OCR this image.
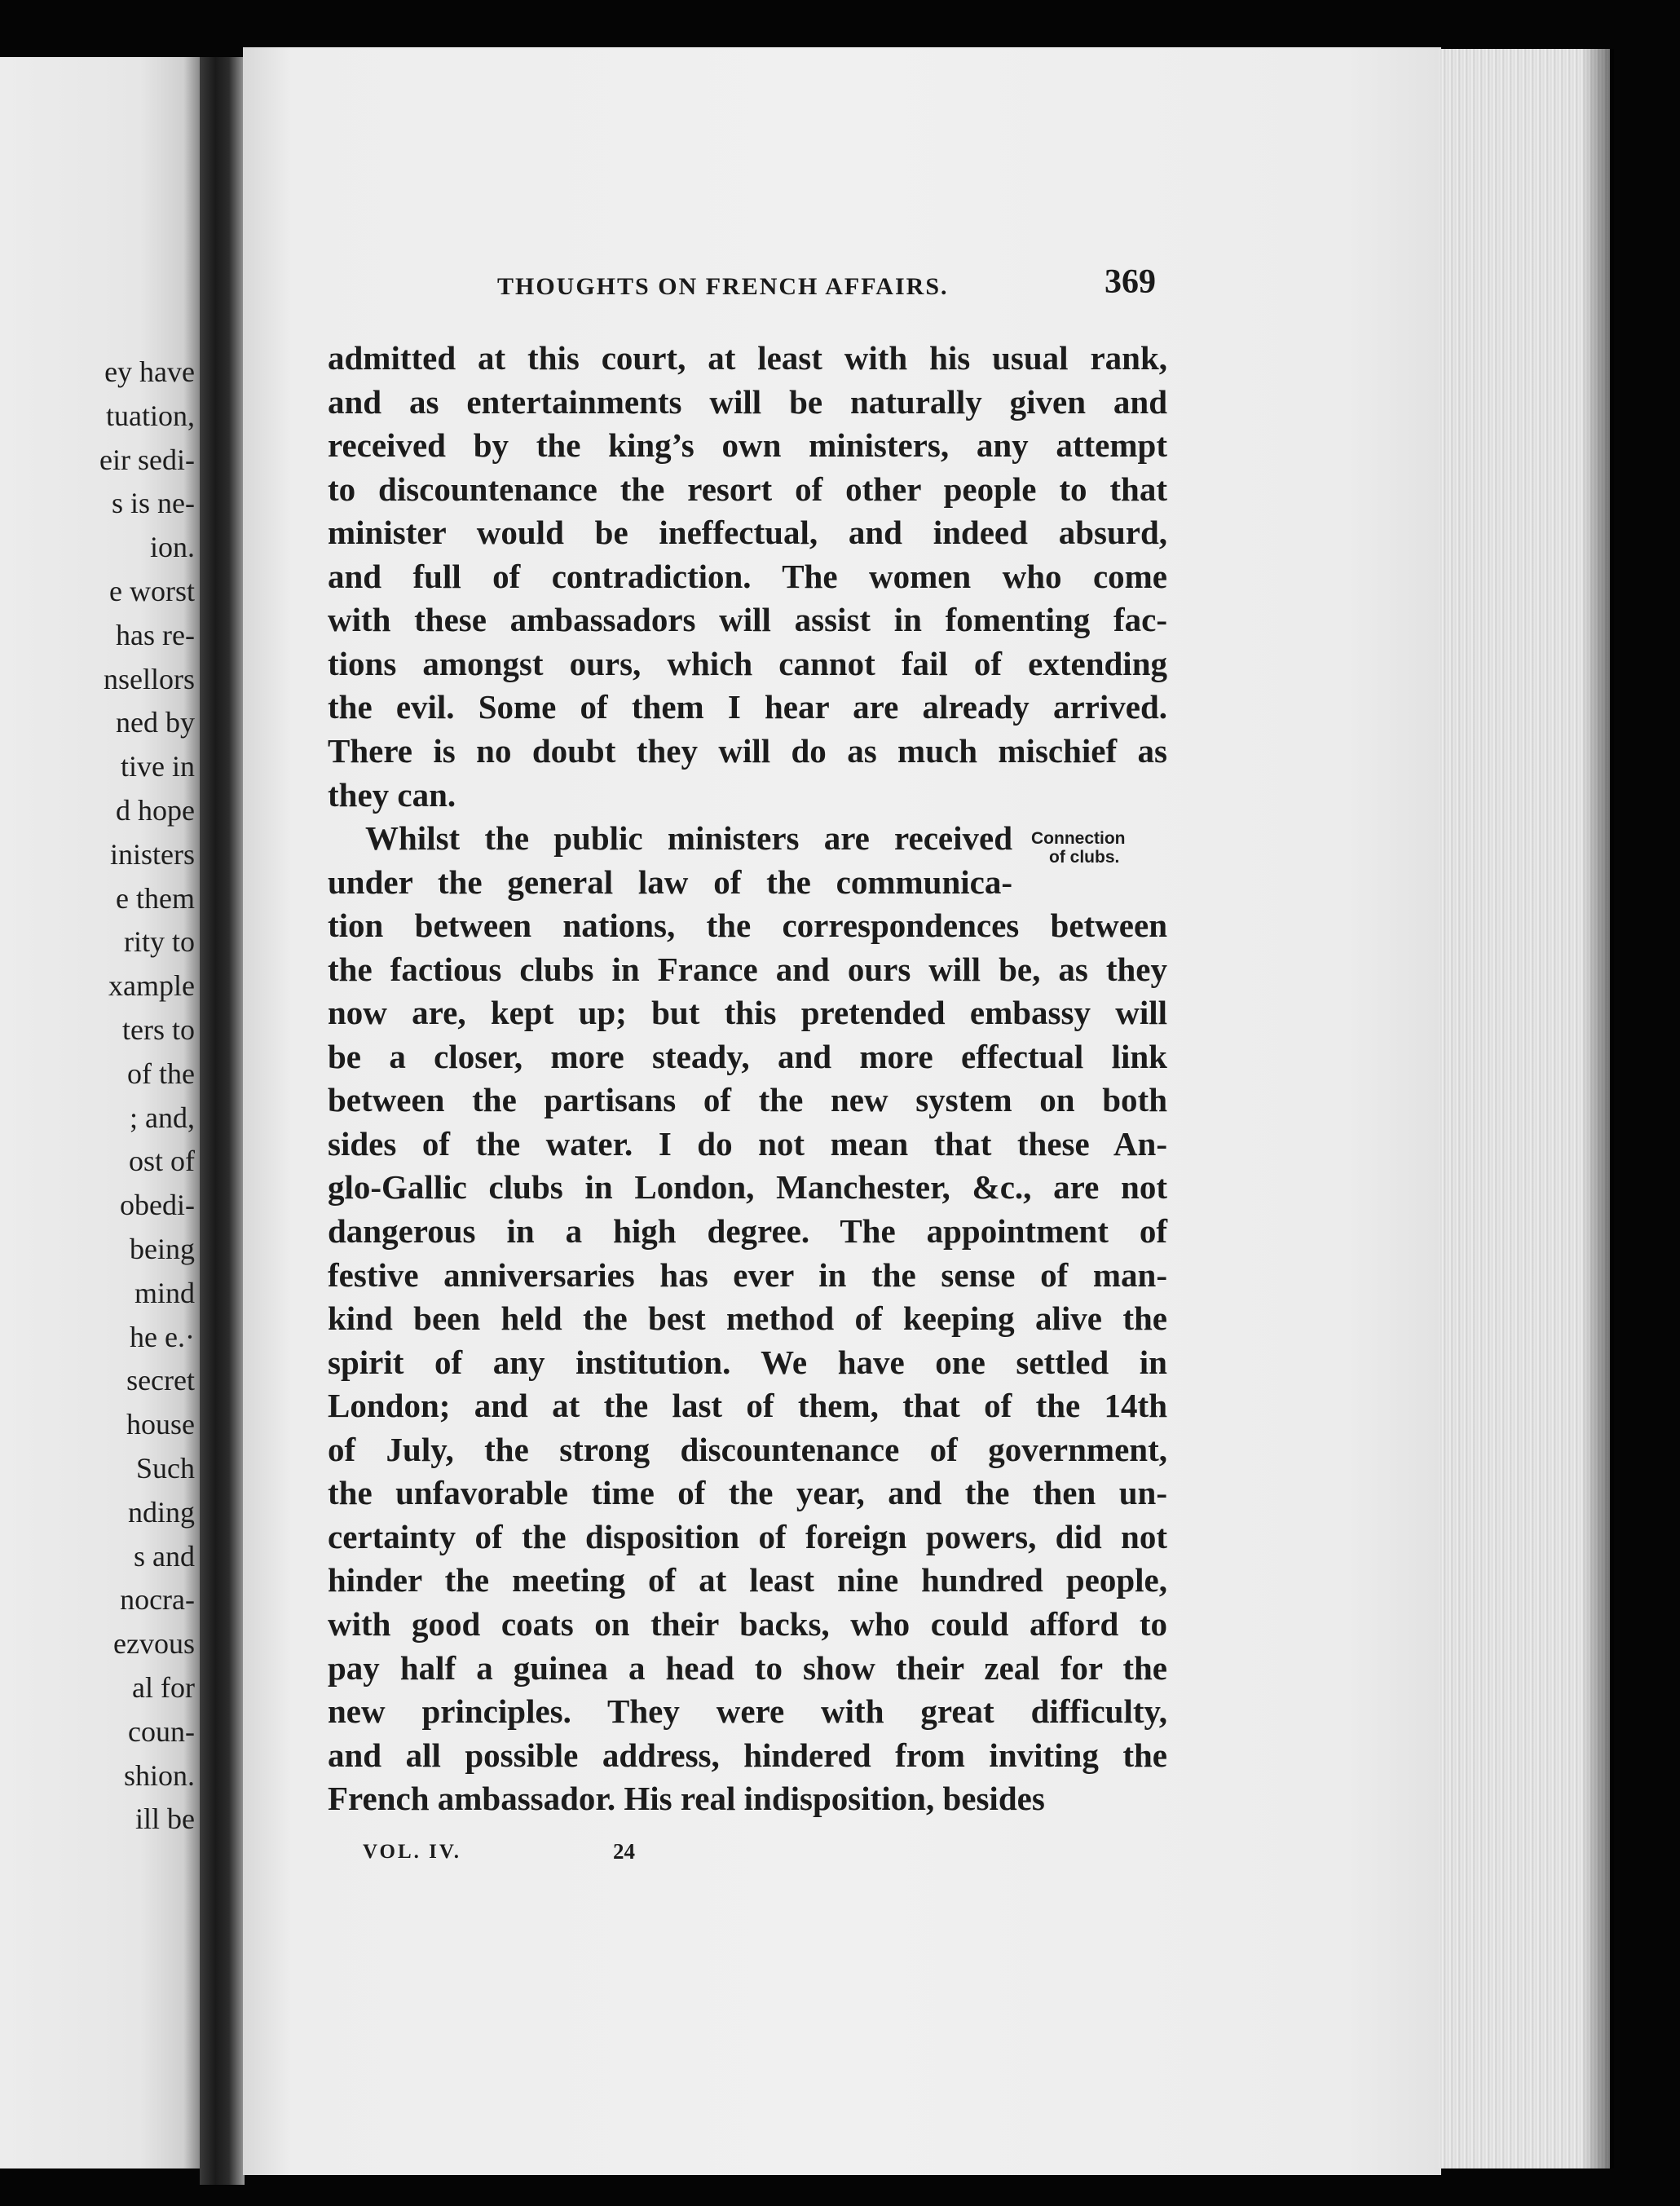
ey have
tuation,
eir sedi-
s is ne-
ion.
e worst
has re-
nsellors
ned by
tive in
d hope
inisters
e them
rity to
xample
ters to
of the
; and,
ost of
obedi-
being
mind
he e.·
secret
house
Such
nding
s and
nocra-
ezvous
al for
coun-
shion.
ill be
THOUGHTS ON FRENCH AFFAIRS.	369
admitted at this court, at least with his usual rank,
and as entertainments will be naturally given and
received by the king’s own ministers, any attempt
to discountenance the resort of other people to that
minister would be ineffectual, and indeed absurd,
and full of contradiction. The women who come
with these ambassadors will assist in fomenting fac-
tions amongst ours, which cannot fail of extending
the evil. Some of them I hear are already arrived.
There is no doubt they will do as much mischief as
they can.
Whilst the public ministers are received
under the general law of the communica-
tion between nations, the correspondences between
the factious clubs in France and ours will be, as they
now are, kept up; but this pretended embassy will
be a closer, more steady, and more effectual link
between the partisans of the new system on both
sides of the water. I do not mean that these An-
glo-Gallic clubs in London, Manchester, &c., are not
dangerous in a high degree. The appointment of
festive anniversaries has ever in the sense of man-
kind been held the best method of keeping alive the
spirit of any institution. We have one settled in
London; and at the last of them, that of the 14th
of July, the strong discountenance of government,
the unfavorable time of the year, and the then un-
certainty of the disposition of foreign powers, did not
hinder the meeting of at least nine hundred people,
with good coats on their backs, who could afford to
pay half a guinea a head to show their zeal for the
new principles. They were with great difficulty,
and all possible address, hindered from inviting the
French ambassador. His real indisposition, besides
Connection
of clubs.
VOL. IV.	24
